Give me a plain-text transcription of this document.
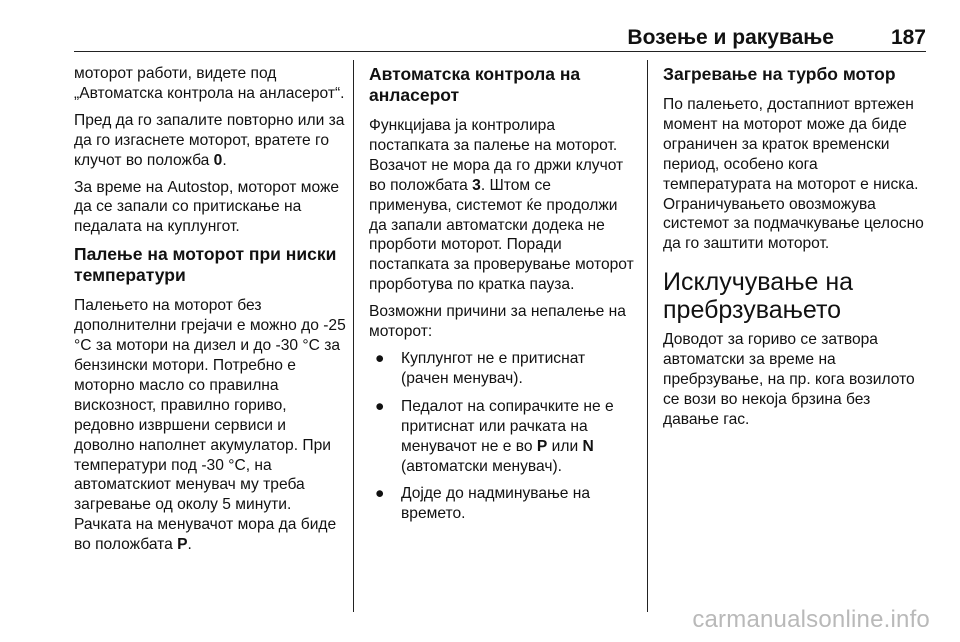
Возење и ракување	187

моторот работи, видете под „Автоматска контрола на анласерот“.

Пред да го запалите повторно или за да го изгаснете моторот, вратете го клучот во положба 0.

За време на Autostop, моторот може да се запали со притискање на педалата на куплунгот.

Палење на моторот при ниски температури

Палењето на моторот без дополнителни грејачи е можно до -25 °C за мотори на дизел и до -30 °C за бензински мотори. Потребно е моторно масло со правилна вискозност, правилно гориво, редовно извршени сервиси и доволно наполнет акумулатор. При температури под -30 °C, на автоматскиот менувач му треба загревање од околу 5 минути. Рачката на менувачот мора да биде во положбата P.

Автоматска контрола на анласерот

Функцијава ја контролира постапката за палење на моторот. Возачот не мора да го држи клучот во положбата 3. Штом се применува, системот ќе продолжи да запали автоматски додека не прорботи моторот. Поради постапката за проверување моторот прорботува по кратка пауза.

Возможни причини за непалење на моторот:

● Куплунгот не е притиснат (рачен менувач).
● Педалот на сопирачките не е притиснат или рачката на менувачот не е во P или N (автоматски менувач).
● Дојде до надминување на времето.
Загревање на турбо мотор

По палењето, достапниот вртежен момент на моторот може да биде ограничен за краток временски период, особено кога температурата на моторот е ниска. Ограничувањето овозможува системот за подмачкување целосно да го заштити моторот.

Исклучување на пребрзувањето

Доводот за гориво се затвора автоматски за време на пребрзување, на пр. кога возилото се вози во некоја брзина без давање гас.

carmanualsonline.info
